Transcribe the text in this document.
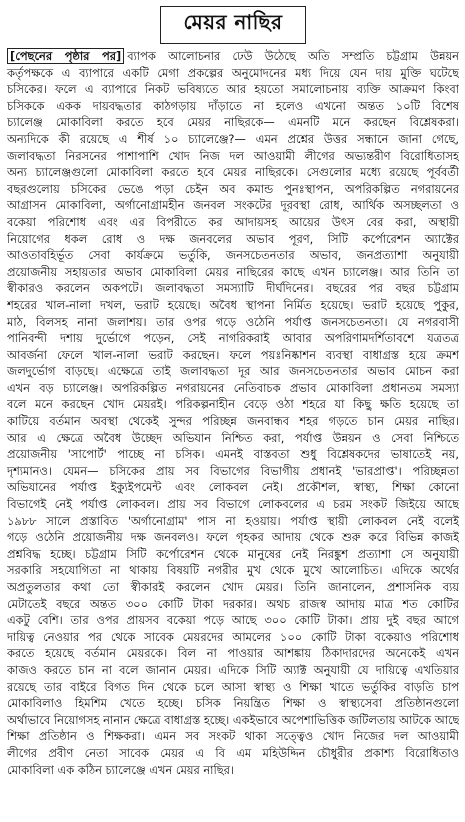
মেয়র নাছির
[পেছনের পৃষ্ঠার পর] ব্যাপক আলোচনার ঢেউ উঠেছে অতি সম্প্রতি চট্টগ্রাম উন্নয়ন
কর্তৃপক্ষকে এ ব্যাপারে একটি মেগা প্রকল্পের অনুমোদনের মধ্য দিয়ে যেন দায় মুক্তি ঘটেছে
চসিকের। ফলে এ ব্যাপারে নিকট ভবিষ্যতে আর হয়তো সমালোচনায় ব্যক্তি আক্রমণ কিংবা
চসিককে একক দায়বদ্ধতার কাঠগড়ায় দাঁড়াতে না হলেও এখনো অন্তত ১০টি বিশেষ
চ্যালেঞ্জ মোকাবিলা করতে হবে মেয়র নাছিরকে— এমনটি মনে করছেন বিশ্লেষকরা।
অন্যদিকে কী রয়েছে এ শীর্ষ ১০ চ্যালেঞ্জে?— এমন প্রশ্নের উত্তর সন্ধানে জানা গেছে,
জলাবদ্ধতা নিরসনের পাশাপাশি খোদ নিজ দল আওয়ামী লীগের অভ্যন্তরীণ বিরোধিতাসহ
অন্য চ্যালেঞ্জগুলো মোকাবিলা করতে হবে মেয়র নাছিরকে। সেগুলোর মধ্যে রয়েছে পূর্ববর্তী
বছরগুলোয় চসিকের ভেঙে পড়া চেইন অব কমান্ড পুনঃস্থাপন, অপরিকল্পিত নগরায়নের
আগ্রাসন মোকাবিলা, অর্গানোগ্রামহীন জনবল সংকটের দূরবস্থা রোধ, আর্থিক অসচ্ছলতা ও
বকেয়া পরিশোধ এবং এর বিপরীতে কর আদায়সহ আয়ের উৎস বের করা, অস্থায়ী
নিয়োগের ধকল রোধ ও দক্ষ জনবলের অভাব পূরণ, সিটি কর্পোরেশন অ্যাক্টের
আওতাবহির্ভূত সেবা কার্যক্রমে ভর্তুকি, জনসচেতনতার অভাব, জনপ্রত্যাশা অনুযায়ী
প্রয়োজনীয় সহায়তার অভাব মোকাবিলা মেয়র নাছিরের কাছে এখন চ্যালেঞ্জ। আর তিনি তা
স্বীকারও করলেন অকপটে। জলাবদ্ধতা সমস্যাটি দীর্ঘদিনের। বছরের পর বছর চট্টগ্রাম
শহরের খাল-নালা দখল, ভরাট হয়েছে। অবৈধ স্থাপনা নির্মিত হয়েছে। ভরাট হয়েছে পুকুর,
মাঠ, বিলসহ নানা জলাশয়। তার ওপর গড়ে ওঠেনি পর্যাপ্ত জনসচেতনতা। যে নগরবাসী
পানিবন্দী দশায় দুর্ভোগে পড়েন, সেই নাগরিকরাই আবার অপরিণামদর্শিতাবশে যত্রতত্র
আবর্জনা ফেলে খাল-নালা ভরাট করছেন। ফলে পয়ঃনিষ্কাশন ব্যবস্থা বাধাগ্রস্ত হয়ে ক্রমশ
জলদুর্ভোগ বাড়ছে। এক্ষেত্রে তাই জলাবদ্ধতা দূর আর জনসচেতনতার অভাব মোচন করা
এখন বড় চ্যালেঞ্জ। অপরিকল্পিত নগরায়নের নেতিবাচক প্রভাব মোকাবিলা প্রধানতম সমস্যা
বলে মনে করছেন খোদ মেয়রই। পরিকল্পনাহীন বেড়ে ওঠা শহরে যা কিছু ক্ষতি হয়েছে তা
কাটিয়ে বর্তমান অবস্থা থেকেই সুন্দর পরিচ্ছন্ন জনবান্ধব শহর গড়তে চান মেয়র নাছির।
আর এ ক্ষেত্রে অবৈধ উচ্ছেদ অভিযান নিশ্চিত করা, পর্যাপ্ত উন্নয়ন ও সেবা নিশ্চিতে
প্রয়োজনীয় 'সাপোর্ট' পাচ্ছে না চসিক। এমনই বাস্তবতা শুধু বিশ্লেষকদের ভাষাতেই নয়,
দৃশ্যমানও। যেমন— চসিকের প্রায় সব বিভাগের বিভাগীয় প্রধানই 'ভারপ্রাপ্ত'। পরিচ্ছন্নতা
অভিযানের পর্যাপ্ত ইক্যুইপমেন্ট এবং লোকবল নেই। প্রকৌশল, স্বাস্থ্য, শিক্ষা কোনো
বিভাগেই নেই পর্যাপ্ত লোকবল। প্রায় সব বিভাগে লোকবলের এ চরম সংকট জিইয়ে আছে
১৯৮৮ সালে প্রস্তাবিত 'অর্গানোগ্রাম' পাস না হওয়ায়। পর্যাপ্ত স্থায়ী লোকবল নেই বলেই
গড়ে ওঠেনি প্রয়োজনীয় দক্ষ জনবলও। ফলে গৃহকর আদায় থেকে শুরু করে বিভিন্ন কাজই
প্রশ্নবিদ্ধ হচ্ছে। চট্টগ্রাম সিটি কর্পোরেশন থেকে মানুষের নেই নিরঙ্কুশ প্রত্যাশা সে অনুযায়ী
সরকারি সহযোগিতা না থাকায় বিষয়টি নগরীর মুখ থেকে মুখে আলোচিত। এদিকে অর্থের
অপ্রতুলতার কথা তো স্বীকারই করলেন খোদ মেয়র। তিনি জানালেন, প্রশাসনিক ব্যয়
মেটাতেই বছরে অন্তত ৩০০ কোটি টাকা দরকার। অথচ রাজস্ব আদায় মাত্র শত কোটির
একটু বেশি। তার ওপর প্রায়সব বকেয়া পড়ে আছে ৩০০ কোটি টাকা। প্রায় দুই বছর আগে
দায়িত্ব নেওয়ার পর থেকে সাবেক মেয়রদের আমলের ১০০ কোটি টাকা বকেয়াও পরিশোধ
করতে হয়েছে বর্তমান মেয়রকে। বিল না পাওয়ার আশঙ্কায় ঠিকাদারদের অনেকেই এখন
কাজও করতে চান না বলে জানান মেয়র। এদিকে সিটি অ্যাক্ট অনুযায়ী যে দায়িত্বে এখতিয়ার
রয়েছে তার বাইরে বিগত দিন থেকে চলে আসা স্বাস্থ্য ও শিক্ষা খাতে ভর্তুকির বাড়তি চাপ
মোকাবিলাও হিমশিম খেতে হচ্ছে। চসিক নিয়ন্ত্রিত শিক্ষা ও স্বাস্থ্যসেবা প্রতিষ্ঠানগুলো
অর্থাভাবে নিয়োগসহ নানান ক্ষেত্রে বাধাগ্রস্ত হচ্ছে। একইভাবে অপেশাভিত্তিক জটিলতায় আটকে আছে
শিক্ষা প্রতিষ্ঠান ও শিক্ষকরা। এমন সব সংকট থাকা সত্ত্বেও খোদ নিজের দল আওয়ামী
লীগের প্রবীণ নেতা সাবেক মেয়র এ বি এম মহিউদ্দিন চৌধুরীর প্রকাশ্য বিরোধিতাও
মোকাবিলা এক কঠিন চ্যালেঞ্জে এখন মেয়র নাছির।
